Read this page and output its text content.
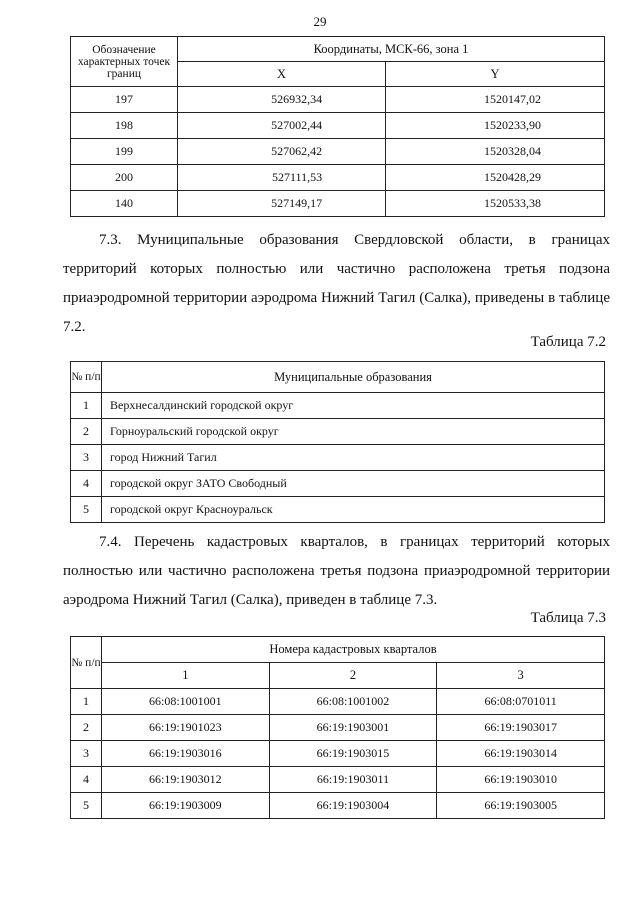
29
Обозначение характерных точек границ	Координаты, МСК-66, зона 1	
	X	Y
197	526932,34	1520147,02
198	527002,44	1520233,90
199	527062,42	1520328,04
200	527111,53	1520428,29
140	527149,17	1520533,38
7.3. Муниципальные образования Свердловской области, в границах территорий которых полностью или частично расположена третья подзона приаэродромной территории аэродрома Нижний Тагил (Салка), приведены в таблице 7.2.
Таблица 7.2
№ п/п	Муниципальные образования
1	Верхнесалдинский городской округ
2	Горноуральский городской округ
3	город Нижний Тагил
4	городской округ ЗАТО Свободный
5	городской округ Красноуральск
7.4. Перечень кадастровых кварталов, в границах территорий которых полностью или частично расположена третья подзона приаэродромной территории аэродрома Нижний Тагил (Салка), приведен в таблице 7.3.
Таблица 7.3
№ п/п	Номера кадастровых кварталов		
	1	2	3
1	66:08:1001001	66:08:1001002	66:08:0701011
2	66:19:1901023	66:19:1903001	66:19:1903017
3	66:19:1903016	66:19:1903015	66:19:1903014
4	66:19:1903012	66:19:1903011	66:19:1903010
5	66:19:1903009	66:19:1903004	66:19:1903005
